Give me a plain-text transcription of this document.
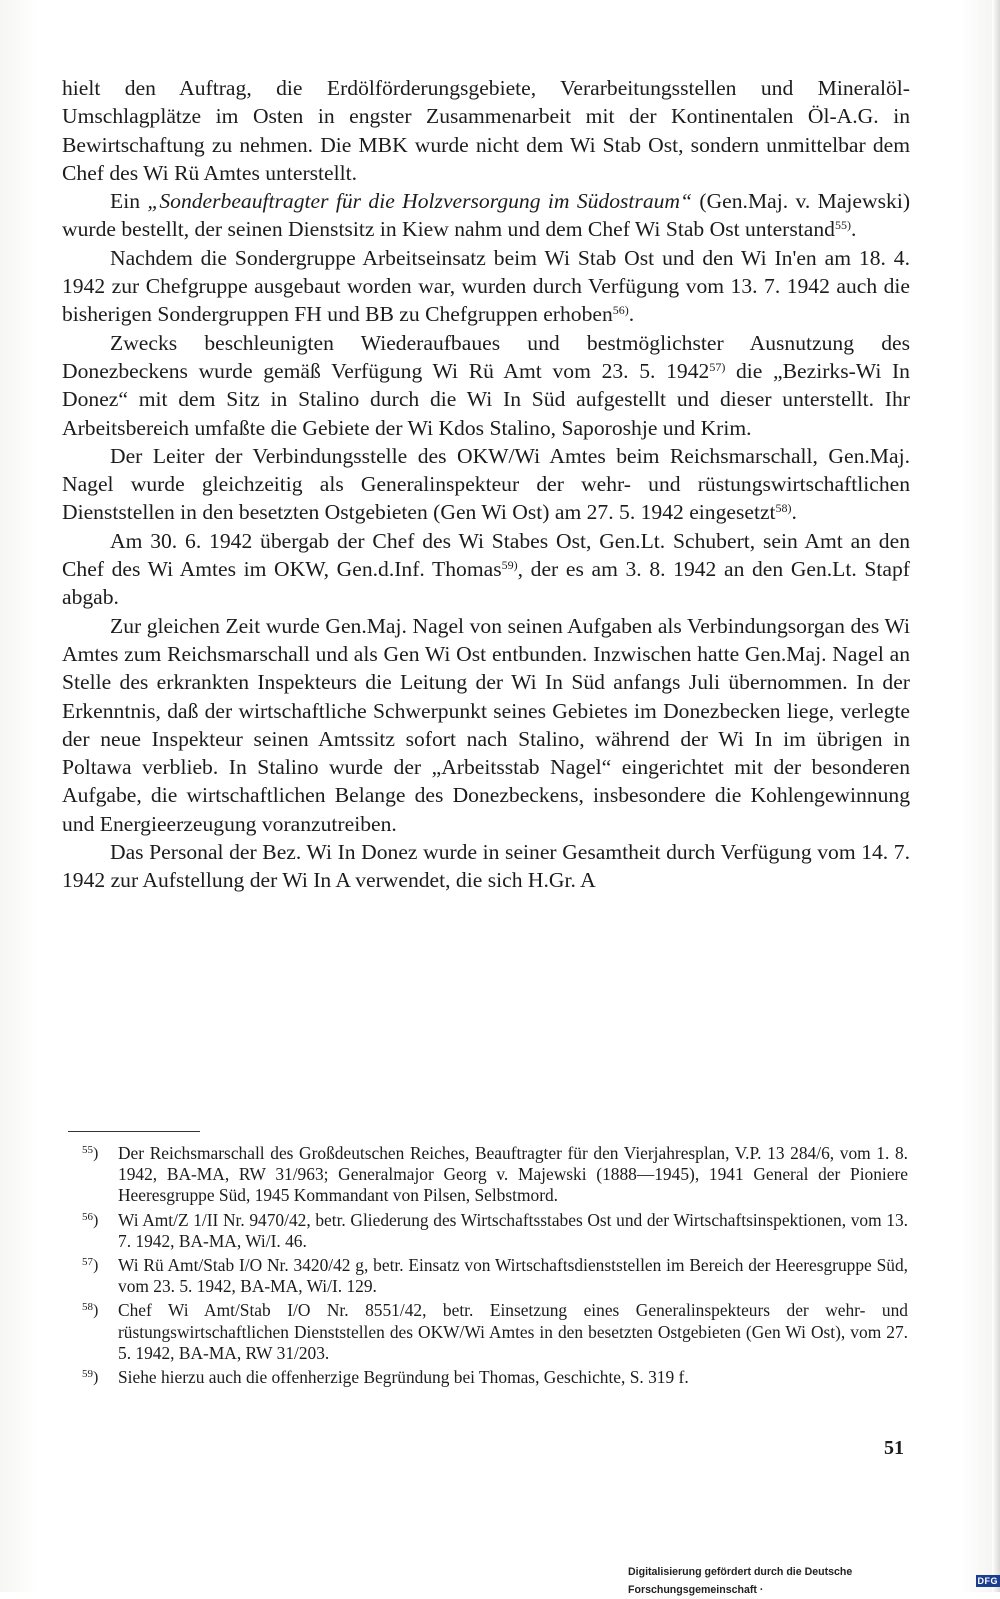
hielt den Auftrag, die Erdölförderungsgebiete, Verarbeitungsstellen und Mineralöl-Umschlagplätze im Osten in engster Zusammenarbeit mit der Kontinentalen Öl-A.G. in Bewirtschaftung zu nehmen. Die MBK wurde nicht dem Wi Stab Ost, sondern unmittelbar dem Chef des Wi Rü Amtes unterstellt.

Ein „Sonderbeauftragter für die Holzversorgung im Südostraum“ (Gen.Maj. v. Majewski) wurde bestellt, der seinen Dienstsitz in Kiew nahm und dem Chef Wi Stab Ost unterstand$^{55)}$.

Nachdem die Sondergruppe Arbeitseinsatz beim Wi Stab Ost und den Wi In'en am 18. 4. 1942 zur Chefgruppe ausgebaut worden war, wurden durch Verfügung vom 13. 7. 1942 auch die bisherigen Sondergruppen FH und BB zu Chefgruppen erhoben$^{56)}$.

Zwecks beschleunigten Wiederaufbaues und bestmöglichster Ausnutzung des Donezbeckens wurde gemäß Verfügung Wi Rü Amt vom 23. 5. 1942$^{57)}$ die „Bezirks-Wi In Donez“ mit dem Sitz in Stalino durch die Wi In Süd aufgestellt und dieser unterstellt. Ihr Arbeitsbereich umfaßte die Gebiete der Wi Kdos Stalino, Saporoshje und Krim.

Der Leiter der Verbindungsstelle des OKW/Wi Amtes beim Reichsmarschall, Gen.Maj. Nagel wurde gleichzeitig als Generalinspekteur der wehr- und rüstungswirtschaftlichen Dienststellen in den besetzten Ostgebieten (Gen Wi Ost) am 27. 5. 1942 eingesetzt$^{58)}$.

Am 30. 6. 1942 übergab der Chef des Wi Stabes Ost, Gen.Lt. Schubert, sein Amt an den Chef des Wi Amtes im OKW, Gen.d.Inf. Thomas$^{59)}$, der es am 3. 8. 1942 an den Gen.Lt. Stapf abgab.

Zur gleichen Zeit wurde Gen.Maj. Nagel von seinen Aufgaben als Verbindungsorgan des Wi Amtes zum Reichsmarschall und als Gen Wi Ost entbunden. Inzwischen hatte Gen.Maj. Nagel an Stelle des erkrankten Inspekteurs die Leitung der Wi In Süd anfangs Juli übernommen. In der Erkenntnis, daß der wirtschaftliche Schwerpunkt seines Gebietes im Donezbecken liege, verlegte der neue Inspekteur seinen Amtssitz sofort nach Stalino, während der Wi In im übrigen in Poltawa verblieb. In Stalino wurde der „Arbeitsstab Nagel“ eingerichtet mit der besonderen Aufgabe, die wirtschaftlichen Belange des Donezbeckens, insbesondere die Kohlengewinnung und Energieerzeugung voranzutreiben.

Das Personal der Bez. Wi In Donez wurde in seiner Gesamtheit durch Verfügung vom 14. 7. 1942 zur Aufstellung der Wi In A verwendet, die sich H.Gr. A

$^{55}$)	Der Reichsmarschall des Großdeutschen Reiches, Beauftragter für den Vierjahresplan, V.P. 13 284/6, vom 1. 8. 1942, BA-MA, RW 31/963; Generalmajor Georg v. Majewski (1888—1945), 1941 General der Pioniere Heeresgruppe Süd, 1945 Kommandant von Pilsen, Selbstmord.
$^{56}$)	Wi Amt/Z 1/II Nr. 9470/42, betr. Gliederung des Wirtschaftsstabes Ost und der Wirtschaftsinspektionen, vom 13. 7. 1942, BA-MA, Wi/I. 46.
$^{57}$)	Wi Rü Amt/Stab I/O Nr. 3420/42 g, betr. Einsatz von Wirtschaftsdienststellen im Bereich der Heeresgruppe Süd, vom 23. 5. 1942, BA-MA, Wi/I. 129.
$^{58}$)	Chef Wi Amt/Stab I/O Nr. 8551/42, betr. Einsetzung eines Generalinspekteurs der wehr- und rüstungswirtschaftlichen Dienststellen des OKW/Wi Amtes in den besetzten Ostgebieten (Gen Wi Ost), vom 27. 5. 1942, BA-MA, RW 31/203.
$^{59}$)	Siehe hierzu auch die offenherzige Begründung bei Thomas, Geschichte, S. 319 f.
51
Digitalisierung gefördert durch die Deutsche Forschungsgemeinschaft ·
DFG
